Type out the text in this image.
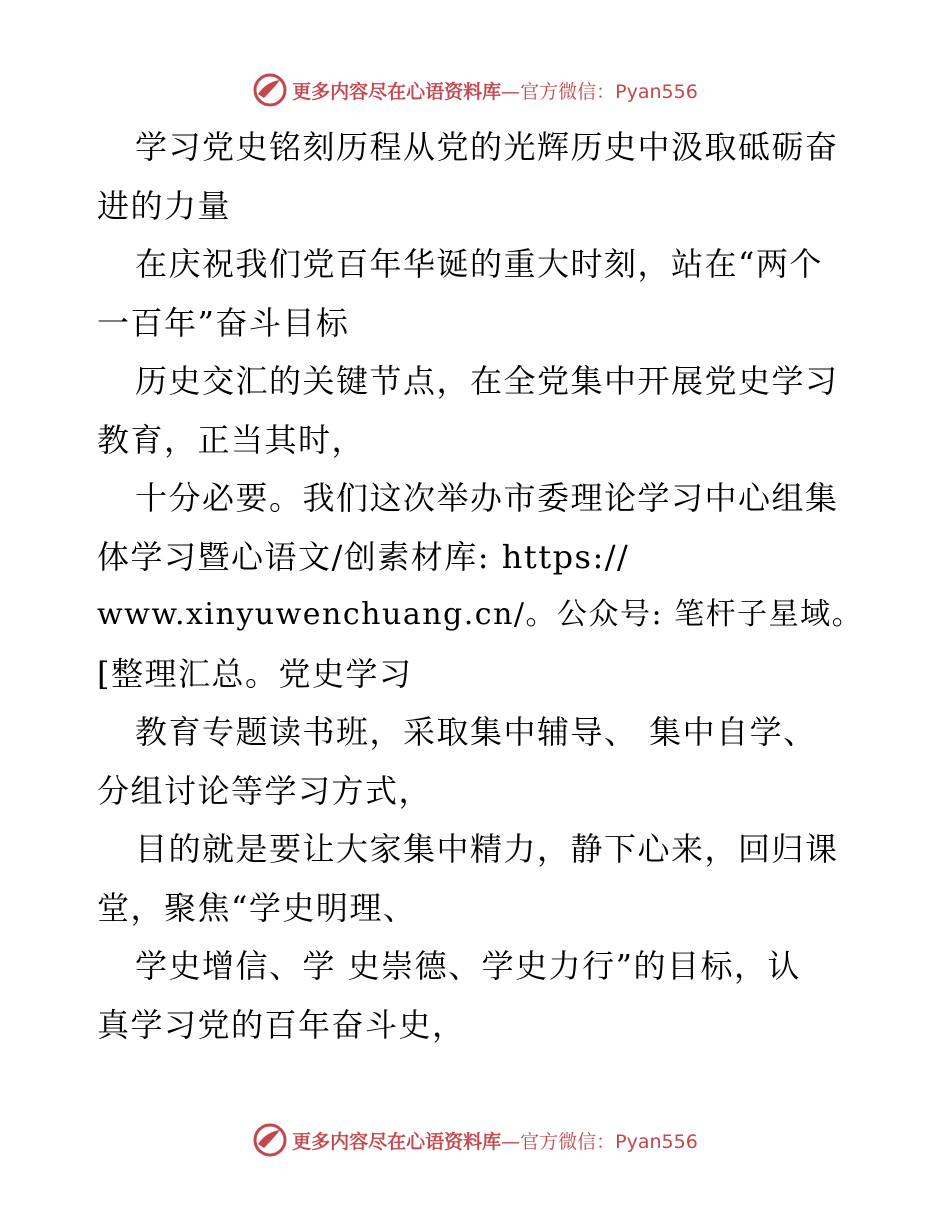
更多内容尽在心语资料库—官方微信：Pyan556

学习党史铭刻历程从党的光辉历史中汲取砥砺奋
进的力量

在庆祝我们党百年华诞的重大时刻，站在“两个
一百年”奋斗目标

历史交汇的关键节点，在全党集中开展党史学习
教育，正当其时，

十分必要。我们这次举办市委理论学习中心组集
体学习暨心语文/创素材库: https://
www.xinyuwenchuang.cn/。公众号: 笔杆子星域。
[整理汇总。党史学习

教育专题读书班，采取集中辅导、 集中自学、
分组讨论等学习方式，

目的就是要让大家集中精力，静下心来，回归课
堂，聚焦“学史明理、

学史增信、学 史崇德、学史力行”的目标，认
真学习党的百年奋斗史，

更多内容尽在心语资料库—官方微信：Pyan556
